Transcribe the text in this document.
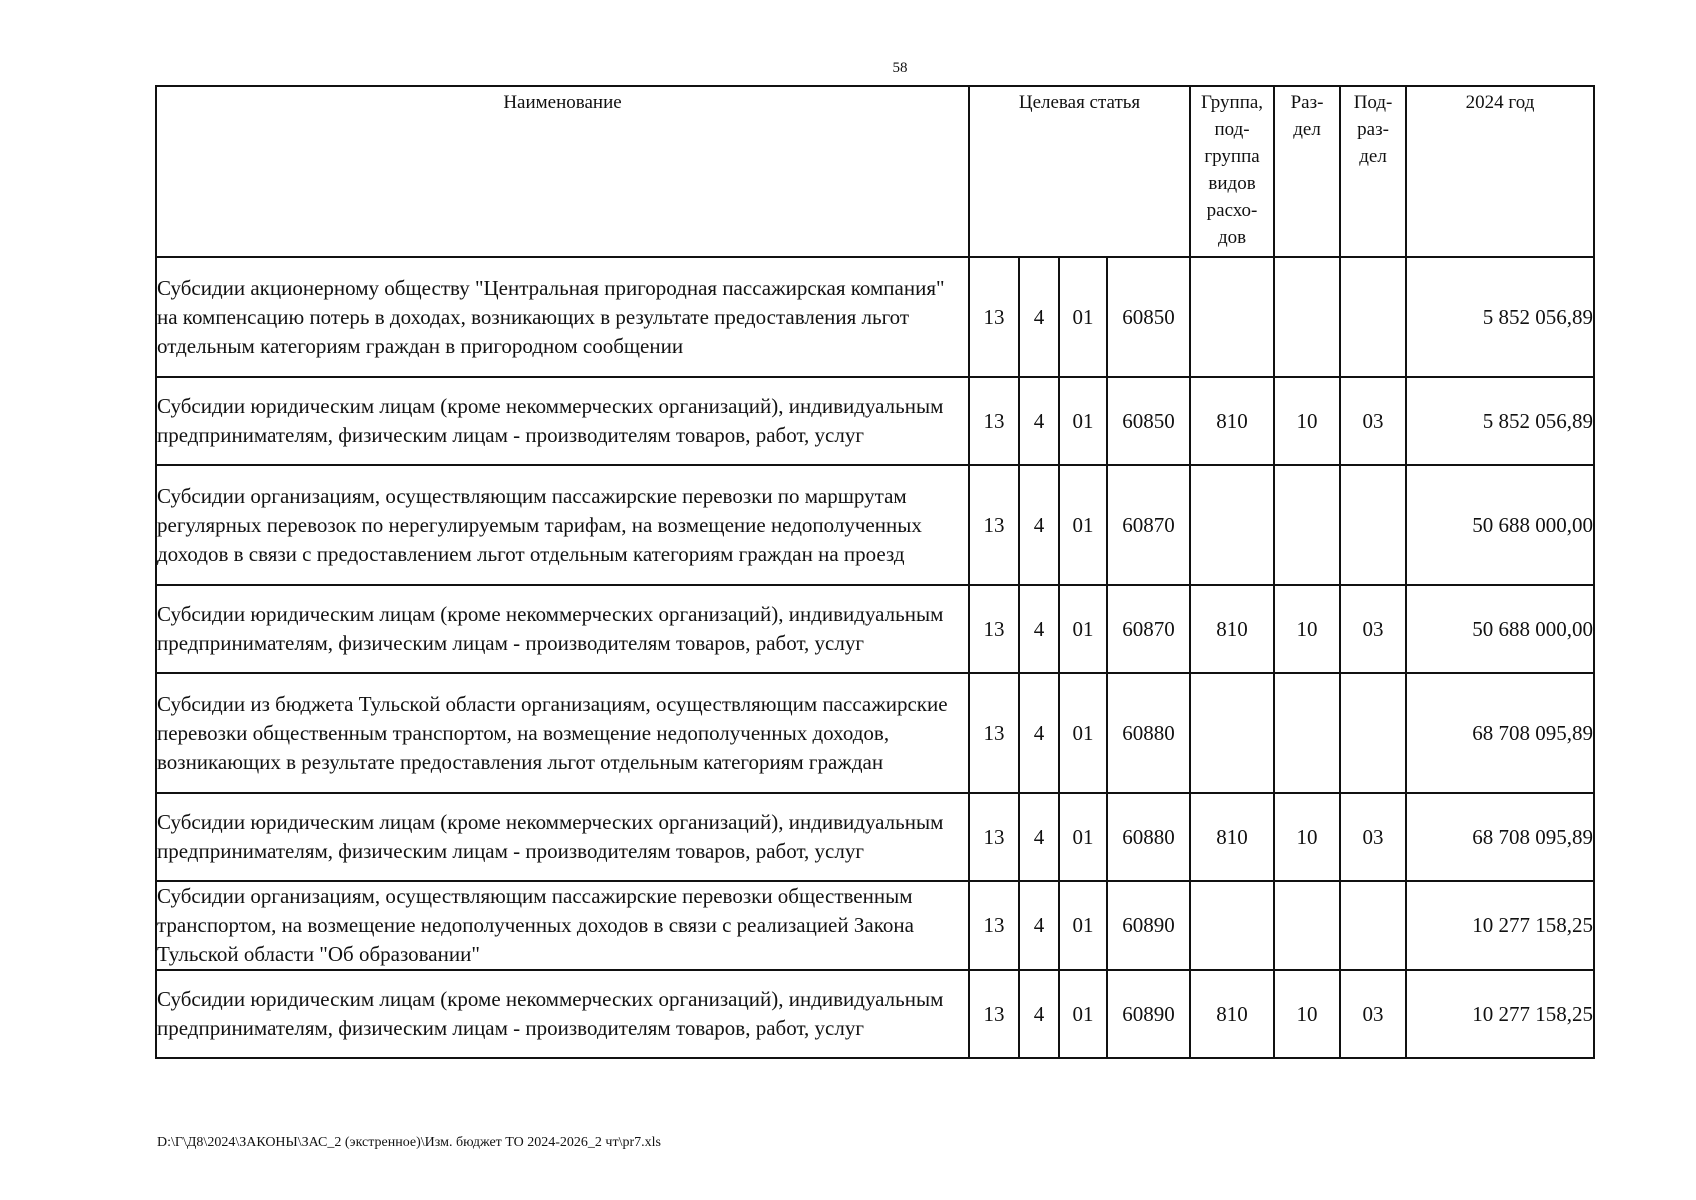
58
Наименование	Целевая статья				Группа, под- группа видов расхо- дов	Раз- дел	Под- раз- дел	2024 год
Субсидии акционерному обществу "Центральная пригородная пассажирская компания" на компенсацию потерь в доходах, возникающих в результате предоставления льгот отдельным категориям граждан в пригородном сообщении	13	4	01	60850				5 852 056,89
Субсидии юридическим лицам (кроме некоммерческих организаций), индивидуальным предпринимателям, физическим лицам - производителям товаров, работ, услуг	13	4	01	60850	810	10	03	5 852 056,89
Субсидии организациям, осуществляющим пассажирские перевозки по маршрутам регулярных перевозок по нерегулируемым тарифам, на возмещение недополученных доходов в связи с предоставлением льгот отдельным категориям граждан на проезд	13	4	01	60870				50 688 000,00
Субсидии юридическим лицам (кроме некоммерческих организаций), индивидуальным предпринимателям, физическим лицам - производителям товаров, работ, услуг	13	4	01	60870	810	10	03	50 688 000,00
Субсидии из бюджета Тульской области организациям, осуществляющим пассажирские перевозки общественным транспортом, на возмещение недополученных доходов, возникающих в результате предоставления льгот отдельным категориям граждан	13	4	01	60880				68 708 095,89
Субсидии юридическим лицам (кроме некоммерческих организаций), индивидуальным предпринимателям, физическим лицам - производителям товаров, работ, услуг	13	4	01	60880	810	10	03	68 708 095,89
Субсидии организациям, осуществляющим пассажирские перевозки общественным транспортом, на возмещение недополученных доходов в связи с реализацией Закона Тульской области "Об образовании"	13	4	01	60890				10 277 158,25
Субсидии юридическим лицам (кроме некоммерческих организаций), индивидуальным предпринимателям, физическим лицам - производителям товаров, работ, услуг	13	4	01	60890	810	10	03	10 277 158,25
D:\Г\Д8\2024\ЗАКОНЫ\ЗАС_2 (экстренное)\Изм. бюджет ТО 2024-2026_2 чт\pr7.xls
